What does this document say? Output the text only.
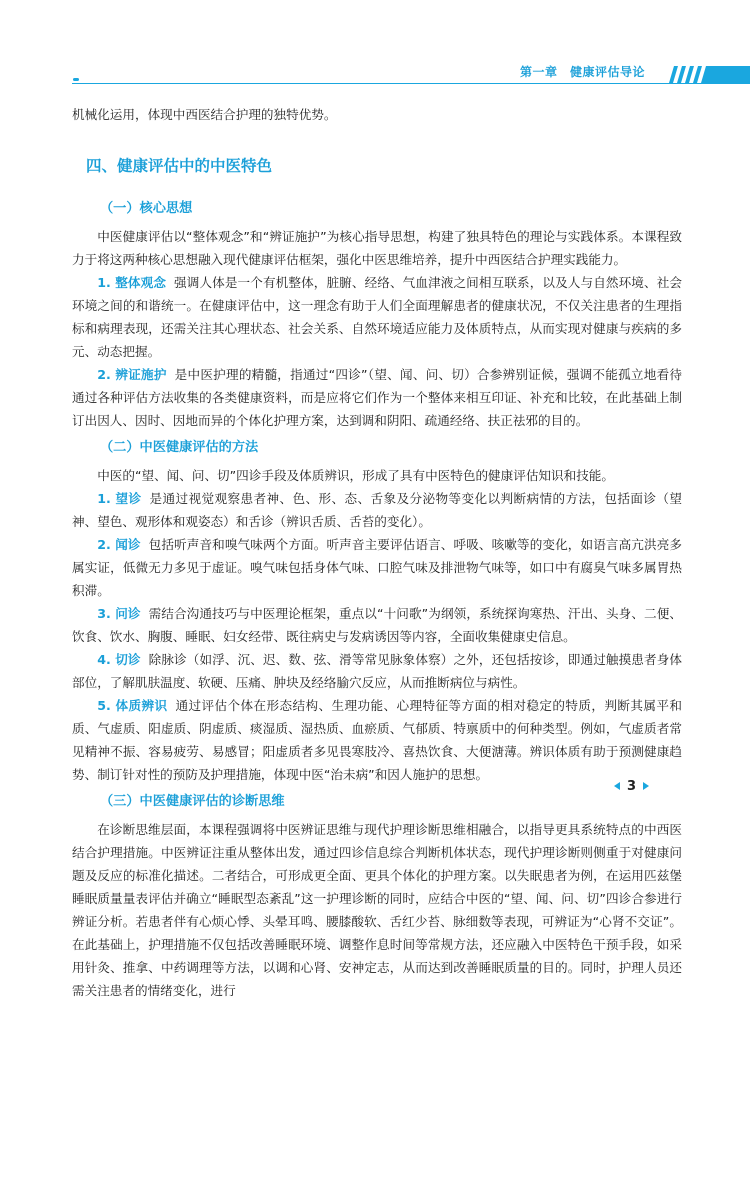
第一章　健康评估导论

机械化运用，体现中西医结合护理的独特优势。

四、健康评估中的中医特色
（一）核心思想

中医健康评估以“整体观念”和“辨证施护”为核心指导思想，构建了独具特色的理论与实践体系。本课程致力于将这两种核心思想融入现代健康评估框架，强化中医思维培养，提升中西医结合护理实践能力。

1. 整体观念 强调人体是一个有机整体，脏腑、经络、气血津液之间相互联系，以及人与自然环境、社会环境之间的和谐统一。在健康评估中，这一理念有助于人们全面理解患者的健康状况，不仅关注患者的生理指标和病理表现，还需关注其心理状态、社会关系、自然环境适应能力及体质特点，从而实现对健康与疾病的多元、动态把握。

2. 辨证施护 是中医护理的精髓，指通过“四诊”（望、闻、问、切）合参辨别证候，强调不能孤立地看待通过各种评估方法收集的各类健康资料，而是应将它们作为一个整体来相互印证、补充和比较，在此基础上制订出因人、因时、因地而异的个体化护理方案，达到调和阴阳、疏通经络、扶正祛邪的目的。

（二）中医健康评估的方法

中医的“望、闻、问、切”四诊手段及体质辨识，形成了具有中医特色的健康评估知识和技能。

1. 望诊 是通过视觉观察患者神、色、形、态、舌象及分泌物等变化以判断病情的方法，包括面诊（望神、望色、观形体和观姿态）和舌诊（辨识舌质、舌苔的变化）。

2. 闻诊 包括听声音和嗅气味两个方面。听声音主要评估语言、呼吸、咳嗽等的变化，如语言高亢洪亮多属实证，低微无力多见于虚证。嗅气味包括身体气味、口腔气味及排泄物气味等，如口中有腐臭气味多属胃热积滞。

3. 问诊 需结合沟通技巧与中医理论框架，重点以“十问歌”为纲领，系统探询寒热、汗出、头身、二便、饮食、饮水、胸腹、睡眠、妇女经带、既往病史与发病诱因等内容，全面收集健康史信息。

4. 切诊 除脉诊（如浮、沉、迟、数、弦、滑等常见脉象体察）之外，还包括按诊，即通过触摸患者身体部位，了解肌肤温度、软硬、压痛、肿块及经络腧穴反应，从而推断病位与病性。

5. 体质辨识 通过评估个体在形态结构、生理功能、心理特征等方面的相对稳定的特质，判断其属平和质、气虚质、阳虚质、阴虚质、痰湿质、湿热质、血瘀质、气郁质、特禀质中的何种类型。例如，气虚质者常见精神不振、容易疲劳、易感冒；阳虚质者多见畏寒肢冷、喜热饮食、大便溏薄。辨识体质有助于预测健康趋势、制订针对性的预防及护理措施，体现中医“治未病”和因人施护的思想。

（三）中医健康评估的诊断思维

在诊断思维层面，本课程强调将中医辨证思维与现代护理诊断思维相融合，以指导更具系统特点的中西医结合护理措施。中医辨证注重从整体出发，通过四诊信息综合判断机体状态，现代护理诊断则侧重于对健康问题及反应的标准化描述。二者结合，可形成更全面、更具个体化的护理方案。以失眠患者为例，在运用匹兹堡睡眠质量量表评估并确立“睡眠型态紊乱”这一护理诊断的同时，应结合中医的“望、闻、问、切”四诊合参进行辨证分析。若患者伴有心烦心悸、头晕耳鸣、腰膝酸软、舌红少苔、脉细数等表现，可辨证为“心肾不交证”。在此基础上，护理措施不仅包括改善睡眠环境、调整作息时间等常规方法，还应融入中医特色干预手段，如采用针灸、推拿、中药调理等方法，以调和心肾、安神定志，从而达到改善睡眠质量的目的。同时，护理人员还需关注患者的情绪变化，进行

3
